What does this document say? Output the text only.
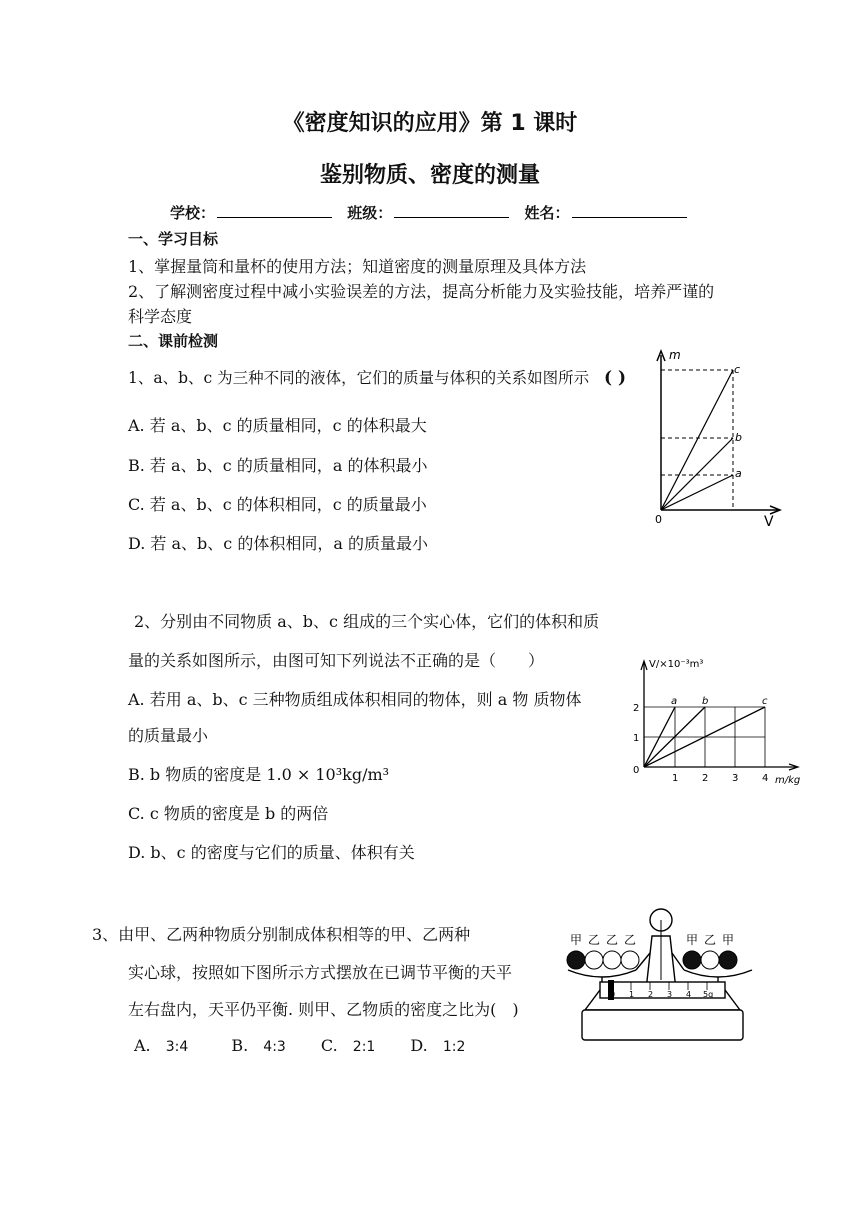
《密度知识的应用》第 1 课时
鉴别物质、密度的测量
学校：	班级：	姓名：
一、学习目标
1、掌握量筒和量杯的使用方法；知道密度的测量原理及具体方法
2、了解测密度过程中减小实验误差的方法，提高分析能力及实验技能，培养严谨的
科学态度
二、课前检测
1、a、b、c 为三种不同的液体，它们的质量与体积的关系如图所示 ( )
A. 若 a、b、c 的质量相同，c 的体积最大
B. 若 a、b、c 的质量相同，a 的体积最小
C. 若 a、b、c 的体积相同，c 的质量最小
D. 若 a、b、c 的体积相同，a 的质量最小
m
V
0
a
b
c
2、分别由不同物质 a、b、c 组成的三个实心体，它们的体积和质
量的关系如图所示，由图可知下列说法不正确的是（　　）
A. 若用 a、b、c 三种物质组成体积相同的物体，则 a 物 质物体
的质量最小
B. b 物质的密度是 1.0 × 10³kg/m³
C. c 物质的密度是 b 的两倍
D. b、c 的密度与它们的质量、体积有关
V/×10⁻³m³
m/kg
0
1
2
1 2 3 4
a b	c
3、由甲、乙两种物质分别制成体积相等的甲、乙两种
实心球，按照如下图所示方式摆放在已调节平衡的天平
左右盘内，天平仍平衡. 则甲、乙物质的密度之比为(　)
A. 3:4	B. 4:3 C. 2:1 D. 1:2
甲 乙 乙 乙	甲 乙 甲
0 1 2 3 4 5g
